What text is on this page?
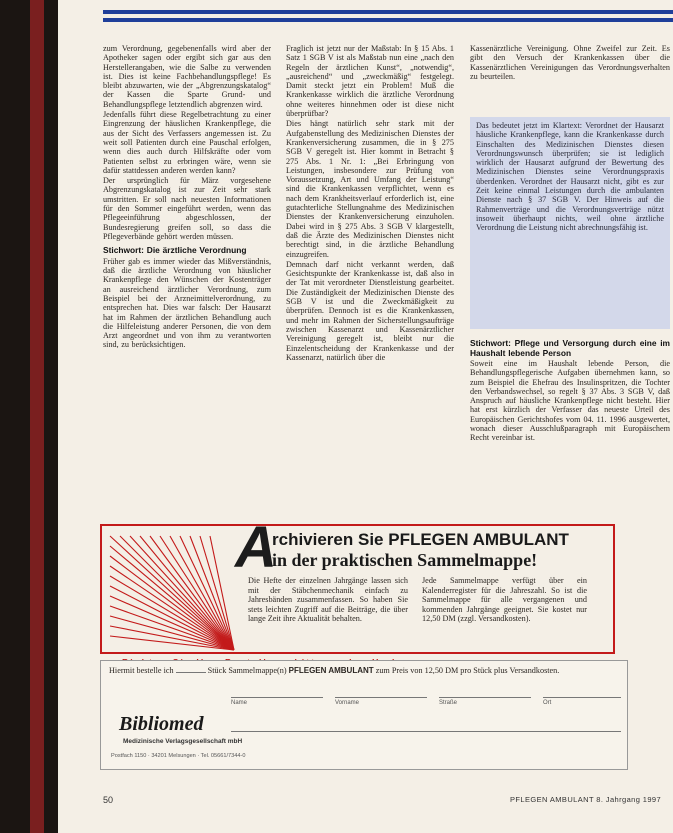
zum Verordnung, gegebenenfalls wird aber der Apotheker sagen oder ergibt sich gar aus den Herstellerangaben, wie die Salbe zu verwenden ist. Dies ist keine Fachbehandlungspflege! Es bleibt abzuwarten, wie der „Abgrenzungskatalog“ der Kassen die Sparte Grund- und Behandlungspflege letztendlich abgrenzen wird.

Jedenfalls führt diese Regelbetrachtung zu einer Eingrenzung der häuslichen Krankenpflege, die aus der Sicht des Verfassers angemessen ist. Zu weit soll Patienten durch eine Pauschal erfolgen, wenn dies auch durch Hilfskräfte oder vom Patienten selbst zu erbringen wäre, wenn sie dafür stattdessen anderen werden kann?

Der ursprünglich für März vorgesehene Abgrenzungskatalog ist zur Zeit sehr stark umstritten. Er soll nach neuesten Informationen für den Sommer eingeführt werden, wenn das Pflegeeinführung abgeschlossen, der Bundesregierung greifen soll, so dass die Pflegeverbände gehört werden müssen.

Stichwort: Die ärztliche Verordnung

Früher gab es immer wieder das Mißverständnis, daß die ärztliche Verordnung von häuslicher Krankenpflege den Wünschen der Kostenträger an ausreichend ärztlicher Verordnung, zum Beispiel bei der Arzneimittelverordnung, zu entsprechen hat. Dies war falsch: Der Hausarzt hat im Rahmen der ärztlichen Behandlung auch die Hilfeleistung anderer Personen, die von dem Arzt angeordnet und von ihm zu verantworten sind, zu berücksichtigen.

Fraglich ist jetzt nur der Maßstab: In § 15 Abs. 1 Satz 1 SGB V ist als Maßstab nun eine „nach den Regeln der ärztlichen Kunst“, „notwendig“, „ausreichend“ und „zweckmäßig“ festgelegt. Damit steckt jetzt ein Problem! Muß die Krankenkasse wirklich die ärztliche Verordnung ohne weiteres hinnehmen oder ist diese nicht überprüfbar?

Dies hängt natürlich sehr stark mit der Aufgabenstellung des Medizinischen Dienstes der Krankenversicherung zusammen, die in § 275 SGB V geregelt ist. Hier kommt in Betracht § 275 Abs. 1 Nr. 1: „Bei Erbringung von Leistungen, insbesondere zur Prüfung von Voraussetzung, Art und Umfang der Leistung“ sind die Krankenkassen verpflichtet, wenn es nach dem Krankheitsverlauf erforderlich ist, eine gutachterliche Stellungnahme des Medizinischen Dienstes der Krankenversicherung einzuholen. Dabei wird in § 275 Abs. 3 SGB V klargestellt, daß die Ärzte des Medizinischen Dienstes nicht berechtigt sind, in die ärztliche Behandlung einzugreifen.

Demnach darf nicht verkannt werden, daß Gesichtspunkte der Krankenkasse ist, daß also in der Tat mit verordneter Dienstleistung gearbeitet. Die Zuständigkeit der Medizinischen Dienste des SGB V ist und die Zweckmäßigkeit zu überprüfen. Dennoch ist es die Krankenkassen, und mehr im Rahmen der Sicherstellungsaufträge zwischen Kassenarzt und Kassenärztlicher Vereinigung geregelt ist, bleibt nur die Einzelentscheidung der Krankenkasse und der Kassenarzt, natürlich über die

Kassenärztliche Vereinigung. Ohne Zweifel zur Zeit. Es gibt den Versuch der Krankenkassen über die Kassenärztlichen Vereinigungen das Verordnungsverhalten zu beurteilen.

Das bedeutet jetzt im Klartext: Verordnet der Hausarzt häusliche Krankenpflege, kann die Krankenkasse durch Einschalten des Medizinischen Dienstes diesen Verordnungswunsch überprüfen; sie ist lediglich wirklich der Hausarzt aufgrund der Bewertung des Medizinischen Dienstes seine Verordnungspraxis überdenken. Verordnet der Hausarzt nicht, gibt es zur Zeit keine einmal Leistungen durch die ambulanten Dienste nach § 37 SGB V. Der Hinweis auf die Rahmenverträge und die Verordnungsverträge nützt insoweit überhaupt nichts, weil ohne ärztliche Verordnung die Leistung nicht abrechnungsfähig ist.
Stichwort: Pflege und Versorgung durch eine im Haushalt lebende Person

Soweit eine im Haushalt lebende Person, die Behandlungspflegerische Aufgaben übernehmen kann, so zum Beispiel die Ehefrau des Insulinspritzen, die Tochter den Verbandswechsel, so regelt § 37 Abs. 3 SGB V, daß Anspruch auf häusliche Krankenpflege nicht besteht. Hier hat erst kürzlich der Verfasser das neueste Urteil des Europäischen Gerichtshofes vom 04. 11. 1996 ausgewertet, wonach dieser Ausschlußparagraph mit Europäischem Recht vereinbar ist.

A
rchivieren Sie PFLEGEN AMBULANT
in der praktischen Sammelmappe!
Die Hefte der einzelnen Jahrgänge lassen sich mit der Stäbchenmechanik einfach zu Jahresbänden zusammenfassen. So haben Sie stets leichten Zugriff auf die Beiträge, die über lange Zeit ihre Aktualität behalten.
Jede Sammelmappe verfügt über ein Kalenderregister für die Jahreszahl. So ist die Sammelmappe für alle vergangenen und kommenden Jahrgänge geeignet. Sie kostet nur 12,50 DM (zzgl. Versandkosten).
Hiermit bestelle ich	Stück Sammelmappe(n) PFLEGEN AMBULANT zum Preis von 12,50 DM pro Stück plus Versandkosten.
Name	Vorname	Straße	Ort
Bibliomed
Medizinische Verlagsgesellschaft mbH
Postfach 1150 · 34201 Melsungen · Tel. 05661/7344-0
50	PFLEGEN AMBULANT 8. Jahrgang 1997
